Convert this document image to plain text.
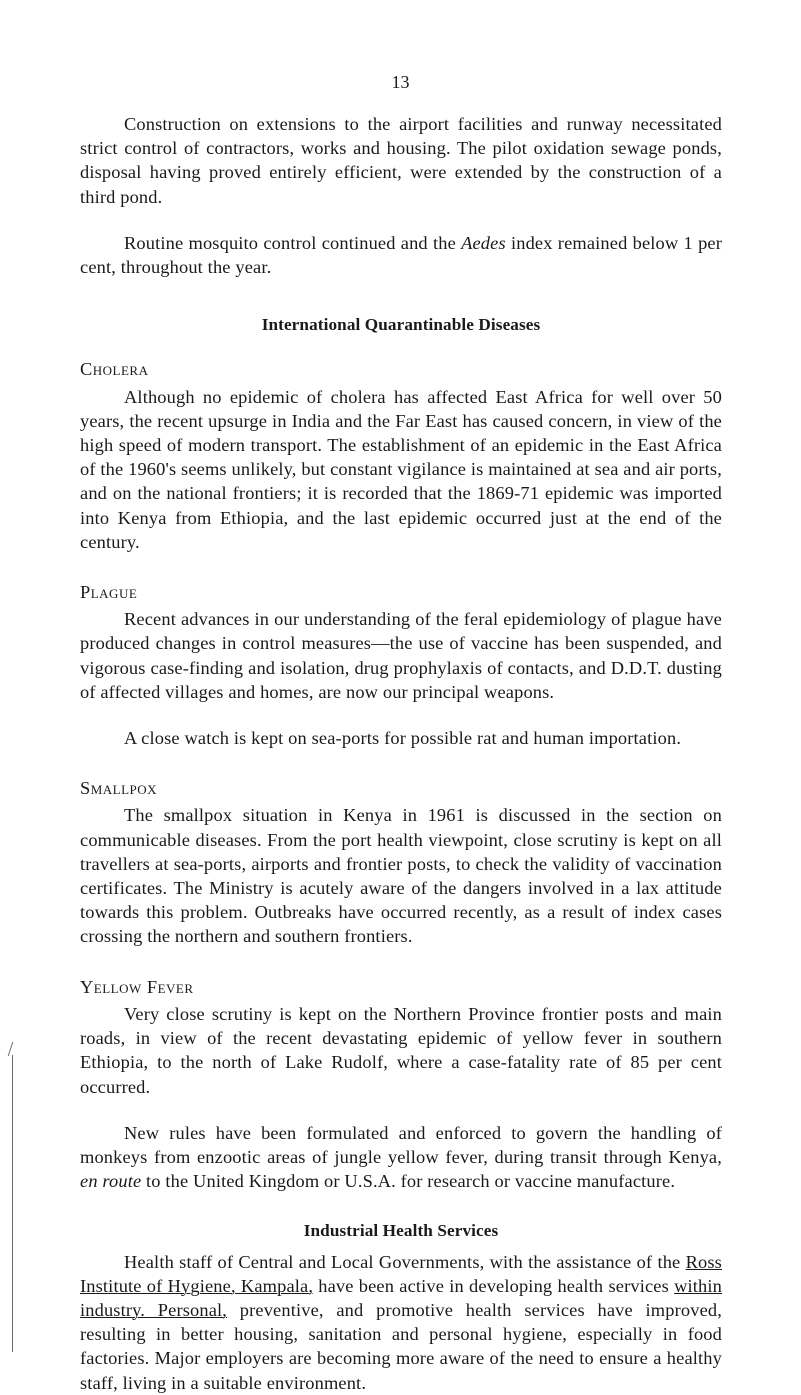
13

Construction on extensions to the airport facilities and runway necessitated strict control of contractors, works and housing. The pilot oxidation sewage ponds, disposal having proved entirely efficient, were extended by the construction of a third pond.

Routine mosquito control continued and the Aedes index remained below 1 per cent, throughout the year.

International Quarantinable Diseases
Cholera

Although no epidemic of cholera has affected East Africa for well over 50 years, the recent upsurge in India and the Far East has caused concern, in view of the high speed of modern transport. The establishment of an epidemic in the East Africa of the 1960's seems unlikely, but constant vigilance is maintained at sea and air ports, and on the national frontiers; it is recorded that the 1869-71 epidemic was imported into Kenya from Ethiopia, and the last epidemic occurred just at the end of the century.

Plague

Recent advances in our understanding of the feral epidemiology of plague have produced changes in control measures—the use of vaccine has been suspended, and vigorous case-finding and isolation, drug prophylaxis of contacts, and D.D.T. dusting of affected villages and homes, are now our principal weapons.

A close watch is kept on sea-ports for possible rat and human importation.

Smallpox

The smallpox situation in Kenya in 1961 is discussed in the section on communicable diseases. From the port health viewpoint, close scrutiny is kept on all travellers at sea-ports, airports and frontier posts, to check the validity of vaccination certificates. The Ministry is acutely aware of the dangers involved in a lax attitude towards this problem. Outbreaks have occurred recently, as a result of index cases crossing the northern and southern frontiers.

Yellow Fever

Very close scrutiny is kept on the Northern Province frontier posts and main roads, in view of the recent devastating epidemic of yellow fever in southern Ethiopia, to the north of Lake Rudolf, where a case-fatality rate of 85 per cent occurred.

New rules have been formulated and enforced to govern the handling of monkeys from enzootic areas of jungle yellow fever, during transit through Kenya, en route to the United Kingdom or U.S.A. for research or vaccine manufacture.

Industrial Health Services

Health staff of Central and Local Governments, with the assistance of the Ross Institute of Hygiene, Kampala, have been active in developing health services within industry. Personal, preventive, and promotive health services have improved, resulting in better housing, sanitation and personal hygiene, especially in food factories. Major employers are becoming more aware of the need to ensure a healthy staff, living in a suitable environment.
